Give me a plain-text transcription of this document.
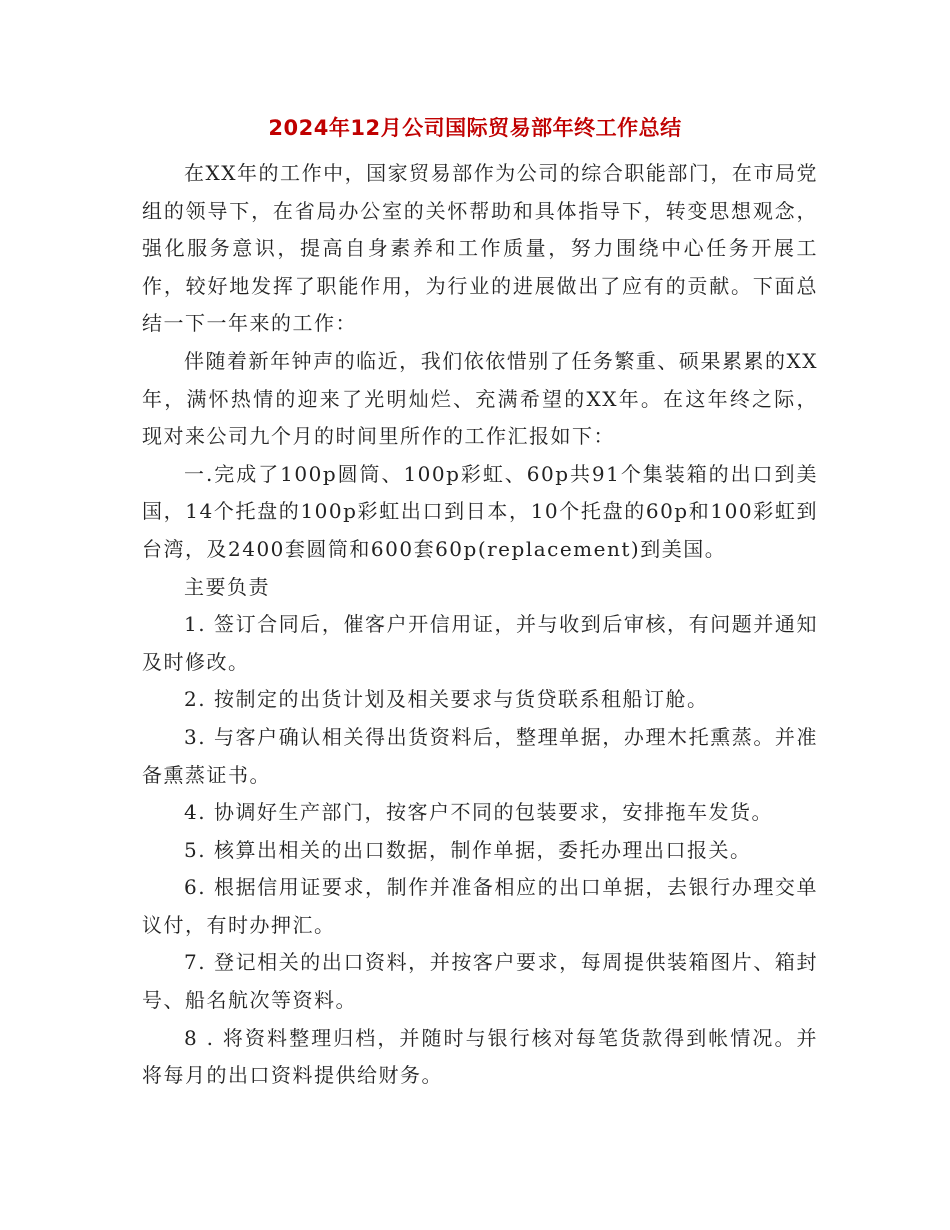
2024年12月公司国际贸易部年终工作总结

在XX年的工作中，国家贸易部作为公司的综合职能部门，在市局党组的领导下，在省局办公室的关怀帮助和具体指导下，转变思想观念，强化服务意识，提高自身素养和工作质量，努力围绕中心任务开展工作，较好地发挥了职能作用，为行业的进展做出了应有的贡献。下面总结一下一年来的工作：

伴随着新年钟声的临近，我们依依惜别了任务繁重、硕果累累的XX年，满怀热情的迎来了光明灿烂、充满希望的XX年。在这年终之际，现对来公司九个月的时间里所作的工作汇报如下：

一.完成了100p圆筒、100p彩虹、60p共91个集装箱的出口到美国，14个托盘的100p彩虹出口到日本，10个托盘的60p和100彩虹到台湾，及2400套圆筒和600套60p(replacement)到美国。

主要负责

1. 签订合同后，催客户开信用证，并与收到后审核，有问题并通知及时修改。

2. 按制定的出货计划及相关要求与货贷联系租船订舱。

3. 与客户确认相关得出货资料后，整理单据，办理木托熏蒸。并准备熏蒸证书。

4. 协调好生产部门，按客户不同的包装要求，安排拖车发货。

5. 核算出相关的出口数据，制作单据，委托办理出口报关。

6. 根据信用证要求，制作并准备相应的出口单据，去银行办理交单议付，有时办押汇。

7. 登记相关的出口资料，并按客户要求，每周提供装箱图片、箱封号、船名航次等资料。

8 . 将资料整理归档，并随时与银行核对每笔货款得到帐情况。并将每月的出口资料提供给财务。
